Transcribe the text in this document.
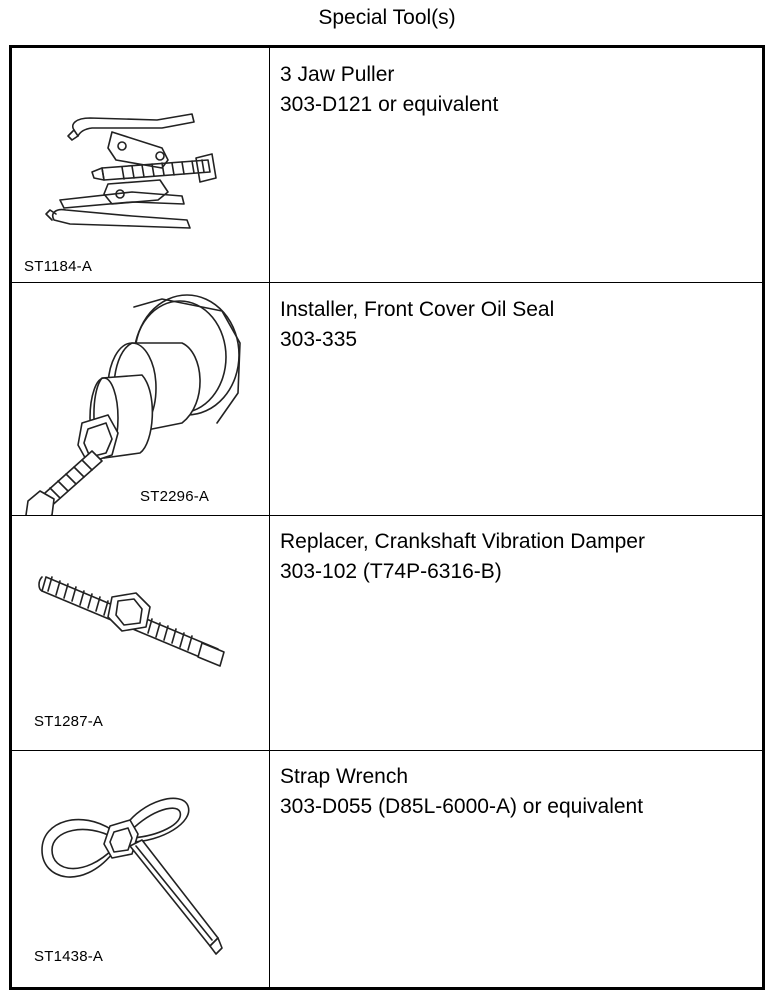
Special Tool(s)
ST1184-A
3 Jaw Puller
303-D121 or equivalent
ST2296-A
Installer, Front Cover Oil Seal
303-335
ST1287-A
Replacer, Crankshaft Vibration Damper
303-102 (T74P-6316-B)
ST1438-A
Strap Wrench
303-D055 (D85L-6000-A) or equivalent
